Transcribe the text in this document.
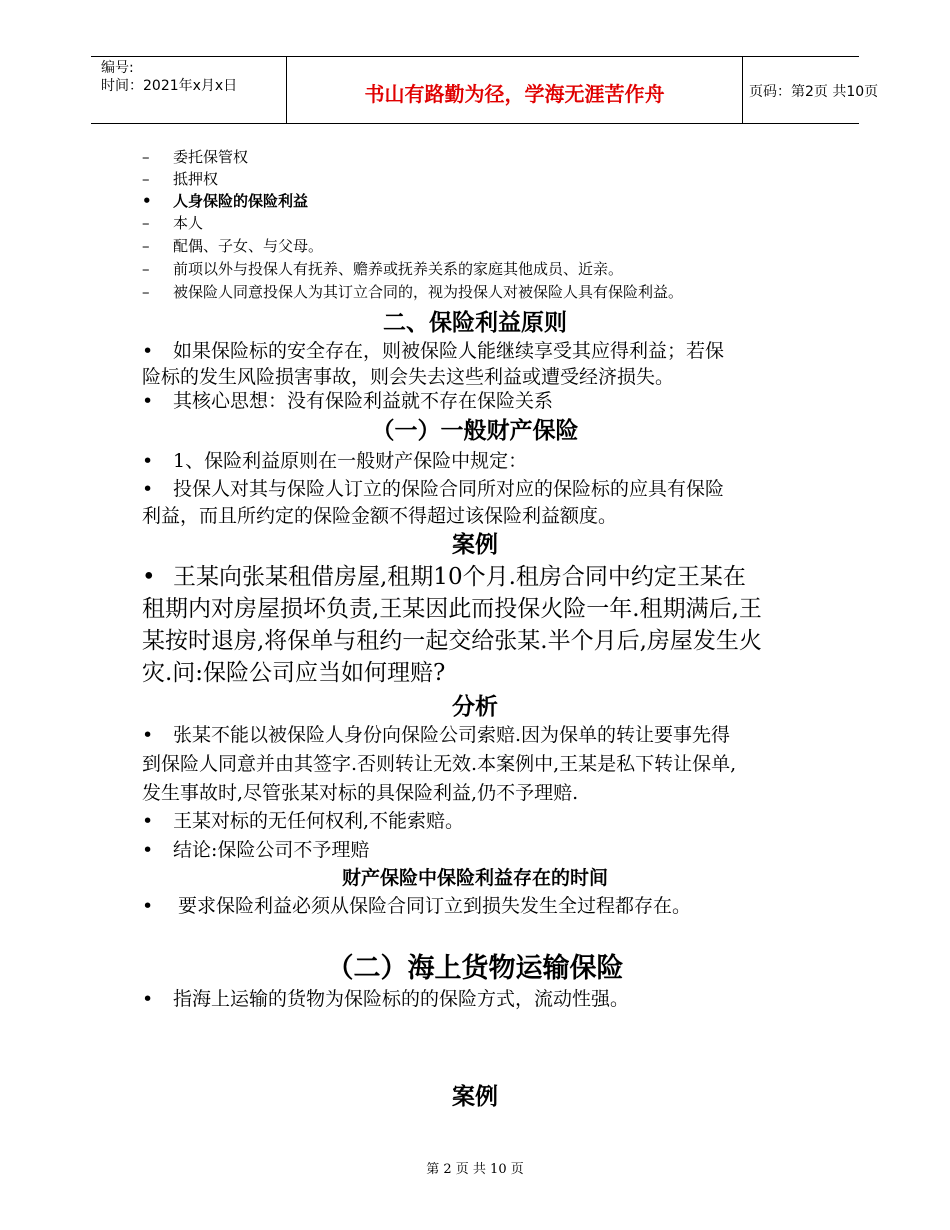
编号:
时间：2021年x月x日	书山有路勤为径，学海无涯苦作舟	页码：第2页 共10页
– 委托保管权
– 抵押权
• 人身保险的保险利益
– 本人
– 配偶、子女、与父母。
– 前项以外与投保人有抚养、赡养或抚养关系的家庭其他成员、近亲。
– 被保险人同意投保人为其订立合同的，视为投保人对被保险人具有保险利益。
二、保险利益原则
• 如果保险标的安全存在，则被保险人能继续享受其应得利益；若保
险标的发生风险损害事故，则会失去这些利益或遭受经济损失。
• 其核心思想：没有保险利益就不存在保险关系
（一）一般财产保险
• 1、保险利益原则在一般财产保险中规定：
• 投保人对其与保险人订立的保险合同所对应的保险标的应具有保险
利益，而且所约定的保险金额不得超过该保险利益额度。
案例
• 王某向张某租借房屋,租期10个月.租房合同中约定王某在
租期内对房屋损坏负责,王某因此而投保火险一年.租期满后,王
某按时退房,将保单与租约一起交给张某.半个月后,房屋发生火
灾.问:保险公司应当如何理赔?
分析
• 张某不能以被保险人身份向保险公司索赔.因为保单的转让要事先得
到保险人同意并由其签字.否则转让无效.本案例中,王某是私下转让保单,
发生事故时,尽管张某对标的具保险利益,仍不予理赔.
• 王某对标的无任何权利,不能索赔。
• 结论:保险公司不予理赔
财产保险中保险利益存在的时间
• 要求保险利益必须从保险合同订立到损失发生全过程都存在。
（二）海上货物运输保险
• 指海上运输的货物为保险标的的保险方式，流动性强。
案例
第 2 页 共 10 页
